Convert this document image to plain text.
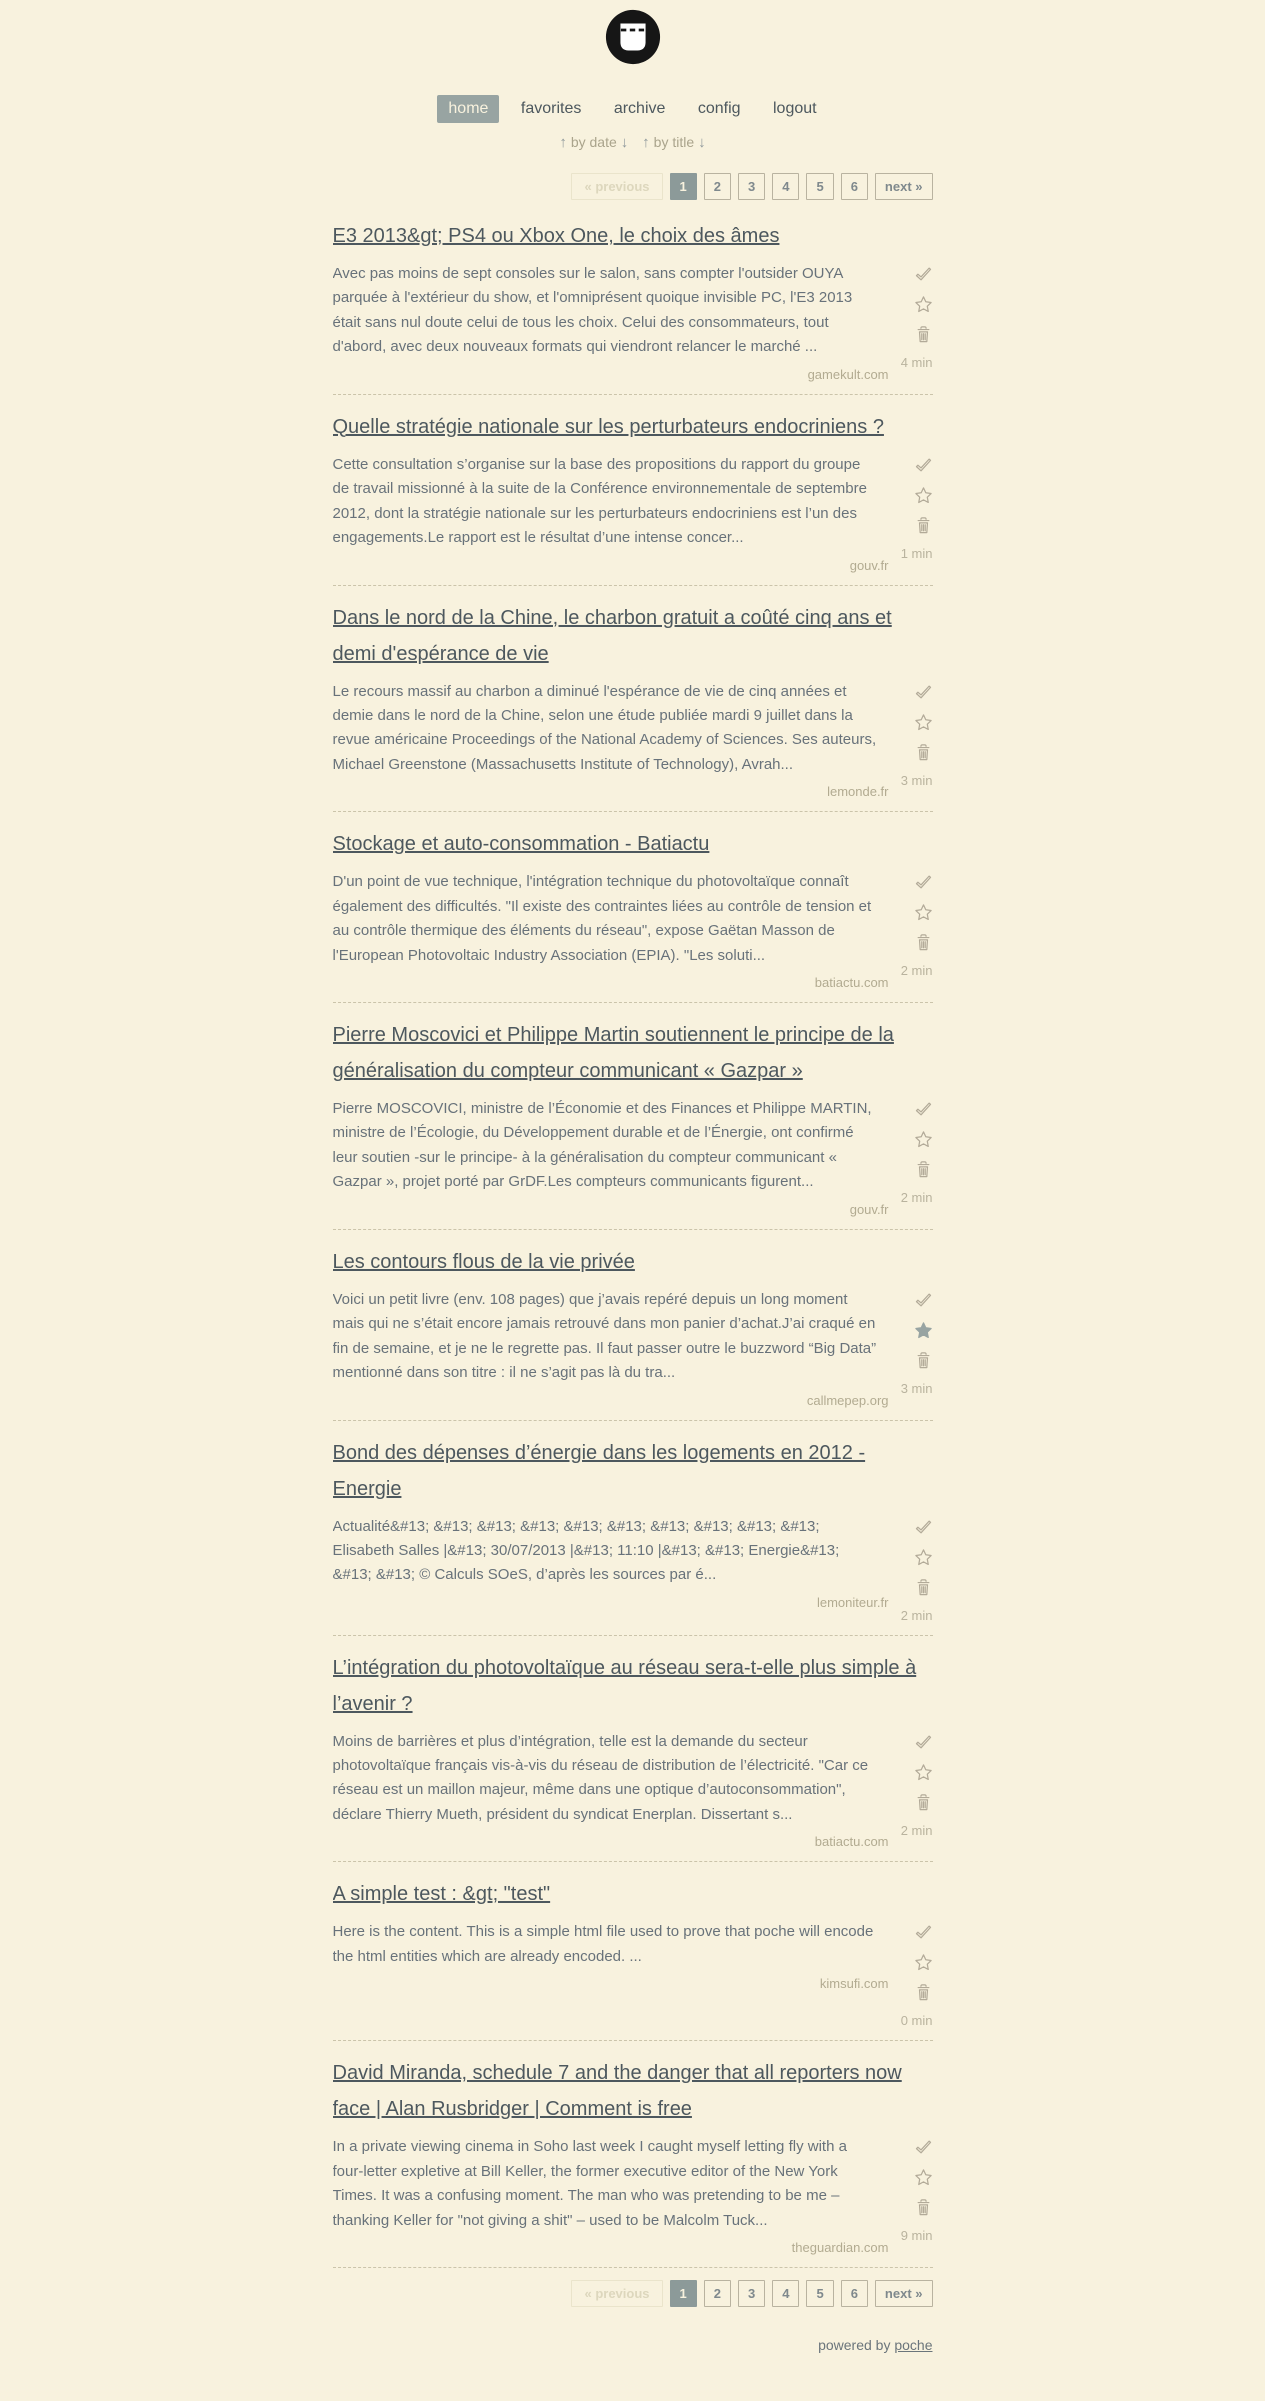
home favorites archive config logout
↑ by date ↓ ↑ by title ↓
« previous 1 2 3 4 5 6 next »
E3 2013&gt; PS4 ou Xbox One, le choix des âmes
4 min

Avec pas moins de sept consoles sur le salon, sans compter l'outsider OUYA parquée à l'extérieur du show, et l'omniprésent quoique invisible PC, l'E3 2013 était sans nul doute celui de tous les choix. Celui des consommateurs, tout d'abord, avec deux nouveaux formats qui viendront relancer le marché ...

gamekult.com
Quelle stratégie nationale sur les perturbateurs endocriniens ?
1 min

Cette consultation s’organise sur la base des propositions du rapport du groupe de travail missionné à la suite de la Conférence environnementale de septembre 2012, dont la stratégie nationale sur les perturbateurs endocriniens est l’un des engagements.Le rapport est le résultat d’une intense concer...

gouv.fr
Dans le nord de la Chine, le charbon gratuit a coûté cinq ans et demi d'espérance de vie
3 min

Le recours massif au charbon a diminué l'espérance de vie de cinq années et demie dans le nord de la Chine, selon une étude publiée mardi 9 juillet dans la revue américaine Proceedings of the National Academy of Sciences. Ses auteurs, Michael Greenstone (Massachusetts Institute of Technology), Avrah...

lemonde.fr
Stockage et auto-consommation - Batiactu
2 min

D'un point de vue technique, l'intégration technique du photovoltaïque connaît également des difficultés. "Il existe des contraintes liées au contrôle de tension et au contrôle thermique des éléments du réseau", expose Gaëtan Masson de l'European Photovoltaic Industry Association (EPIA). "Les soluti...

batiactu.com
Pierre Moscovici et Philippe Martin soutiennent le principe de la généralisation du compteur communicant « Gazpar »
2 min

Pierre MOSCOVICI, ministre de l’Économie et des Finances et Philippe MARTIN, ministre de l’Écologie, du Développement durable et de l’Énergie, ont confirmé leur soutien -sur le principe- à la généralisation du compteur communicant « Gazpar », projet porté par GrDF.Les compteurs communicants figurent...

gouv.fr
Les contours flous de la vie privée
3 min

Voici un petit livre (env. 108 pages) que j’avais repéré depuis un long moment mais qui ne s’était encore jamais retrouvé dans mon panier d’achat.J’ai craqué en fin de semaine, et je ne le regrette pas. Il faut passer outre le buzzword “Big Data” mentionné dans son titre : il ne s’agit pas là du tra...

callmepep.org
Bond des dépenses d’énergie dans les logements en 2012 - Energie
2 min

Actualité&#13; &#13; &#13; &#13; &#13; &#13; &#13; &#13; &#13; &#13; Elisabeth Salles |&#13; 30/07/2013 |&#13; 11:10 |&#13; &#13; Energie&#13; &#13; &#13; © Calculs SOeS, d’après les sources par é...

lemoniteur.fr
L’intégration du photovoltaïque au réseau sera-t-elle plus simple à l’avenir ?
2 min

Moins de barrières et plus d’intégration, telle est la demande du secteur photovoltaïque français vis-à-vis du réseau de distribution de l’électricité. "Car ce réseau est un maillon majeur, même dans une optique d’autoconsommation", déclare Thierry Mueth, président du syndicat Enerplan. Dissertant s...

batiactu.com
A simple test : &gt; "test"
0 min

Here is the content. This is a simple html file used to prove that poche will encode the html entities which are already encoded. ...

kimsufi.com
David Miranda, schedule 7 and the danger that all reporters now face | Alan Rusbridger | Comment is free
9 min

In a private viewing cinema in Soho last week I caught myself letting fly with a four-letter expletive at Bill Keller, the former executive editor of the New York Times. It was a confusing moment. The man who was pretending to be me – thanking Keller for "not giving a shit" – used to be Malcolm Tuck...

theguardian.com
« previous 1 2 3 4 5 6 next »
powered by poche
